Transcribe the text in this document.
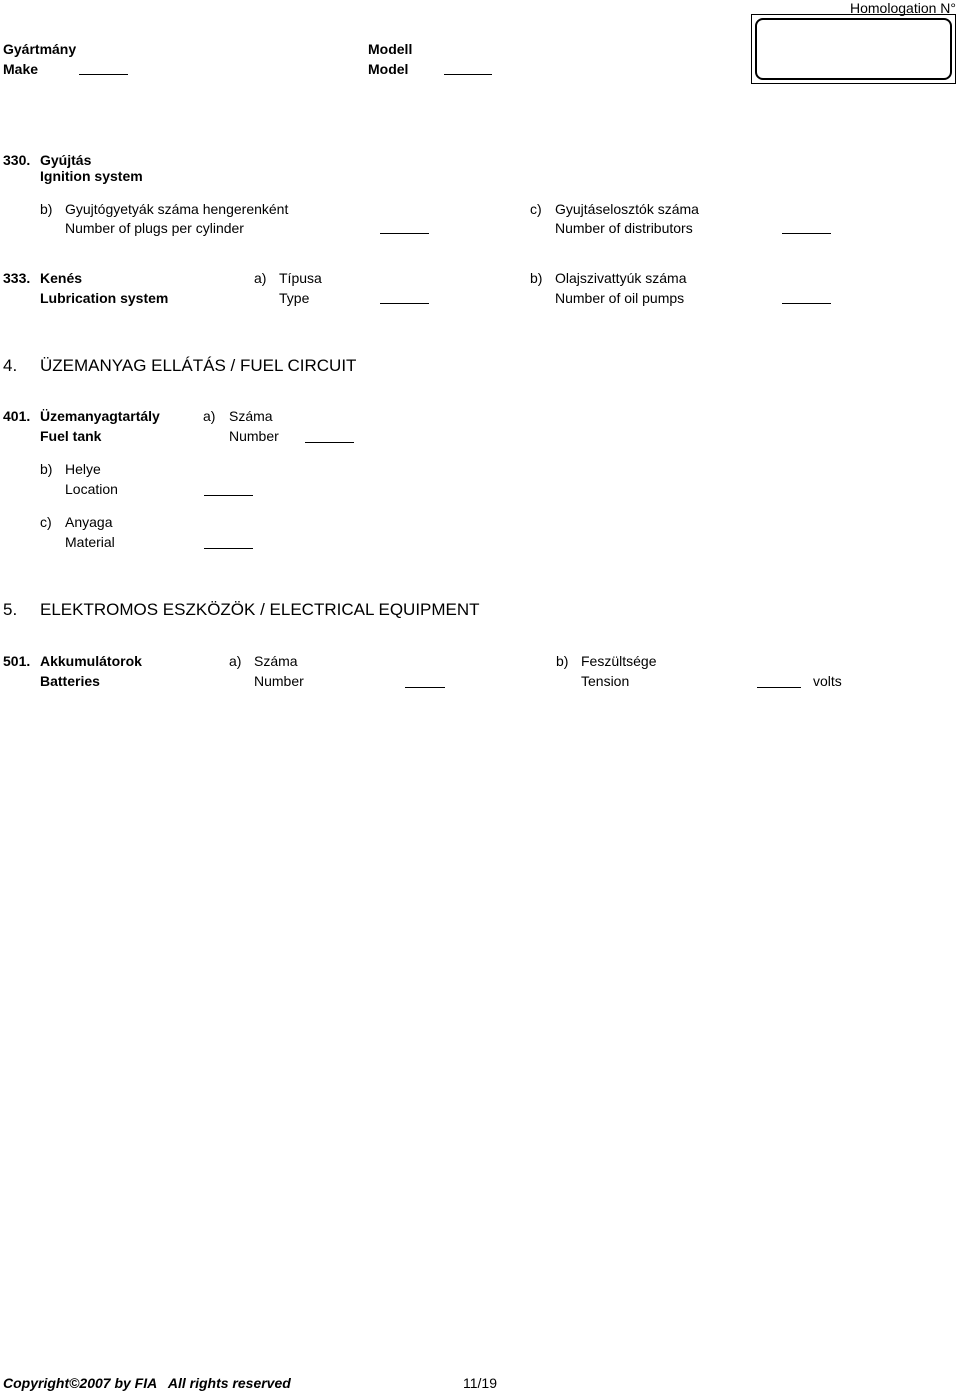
Homologation N°
Gyártmány
Make
Modell
Model
330. Gyújtás
Ignition system
b) Gyujtógyetyák száma hengerenként
Number of plugs per cylinder
c) Gyujtáselosztók száma
Number of distributors
333. Kenés
Lubrication system
a) Típusa
Type
b) Olajszivattyúk száma
Number of oil pumps
4. ÜZEMANYAG ELLÁTÁS / FUEL CIRCUIT
401. Üzemanyagtartály
Fuel tank
a) Száma
Number
b) Helye
Location
c) Anyaga
Material
5. ELEKTROMOS ESZKÖZÖK / ELECTRICAL EQUIPMENT
501. Akkumulátorok
Batteries
a) Száma
Number
b) Feszültsége
Tension	volts
Copyright©2007 by FIA   All rights reserved	11/19
